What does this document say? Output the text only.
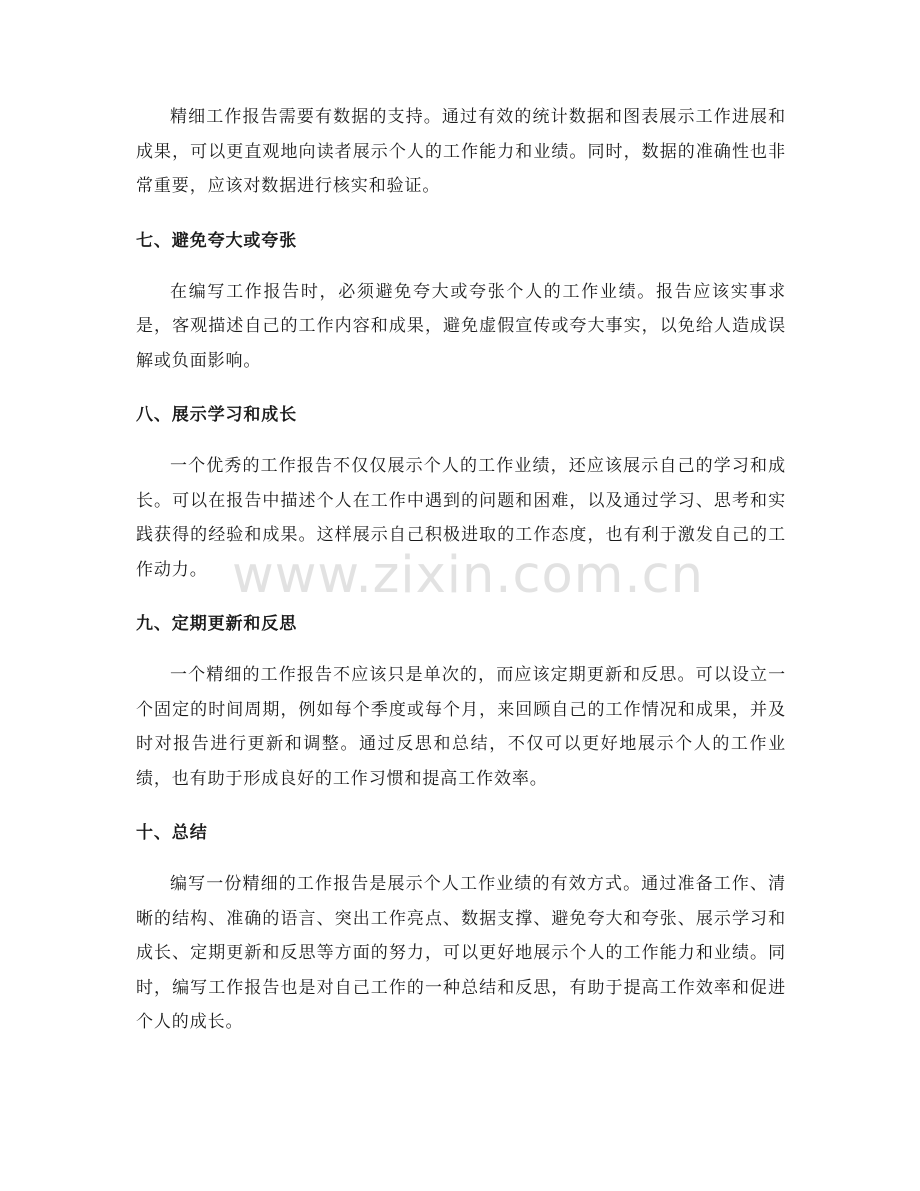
精细工作报告需要有数据的支持。通过有效的统计数据和图表展示工作进展和成果，可以更直观地向读者展示个人的工作能力和业绩。同时，数据的准确性也非常重要，应该对数据进行核实和验证。

七、避免夸大或夸张

在编写工作报告时，必须避免夸大或夸张个人的工作业绩。报告应该实事求是，客观描述自己的工作内容和成果，避免虚假宣传或夸大事实，以免给人造成误解或负面影响。

八、展示学习和成长

一个优秀的工作报告不仅仅展示个人的工作业绩，还应该展示自己的学习和成长。可以在报告中描述个人在工作中遇到的问题和困难，以及通过学习、思考和实践获得的经验和成果。这样展示自己积极进取的工作态度，也有利于激发自己的工作动力。

九、定期更新和反思

一个精细的工作报告不应该只是单次的，而应该定期更新和反思。可以设立一个固定的时间周期，例如每个季度或每个月，来回顾自己的工作情况和成果，并及时对报告进行更新和调整。通过反思和总结，不仅可以更好地展示个人的工作业绩，也有助于形成良好的工作习惯和提高工作效率。

十、总结

编写一份精细的工作报告是展示个人工作业绩的有效方式。通过准备工作、清晰的结构、准确的语言、突出工作亮点、数据支撑、避免夸大和夸张、展示学习和成长、定期更新和反思等方面的努力，可以更好地展示个人的工作能力和业绩。同时，编写工作报告也是对自己工作的一种总结和反思，有助于提高工作效率和促进个人的成长。

www.zixin.com.cn
